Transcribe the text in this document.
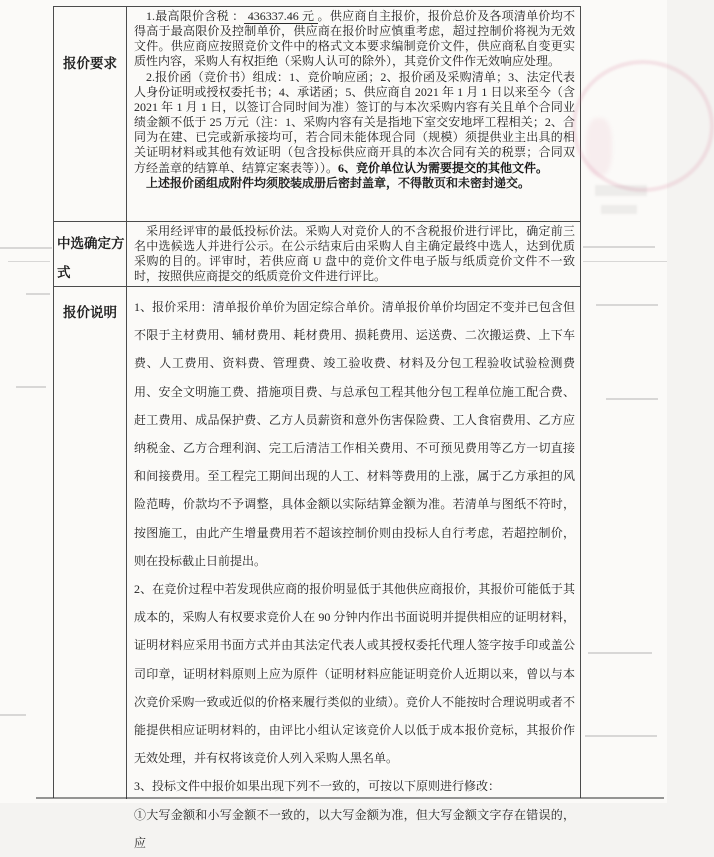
报价要求

1.最高限价含税 ： 436337.46 元 。供应商自主报价，报价总价及各项清单价均不得高于最高限价及控制单价，供应商在报价时应慎重考虑，超过控制价将视为无效文件。供应商应按照竞价文件中的格式文本要求编制竞价文件，供应商私自变更实质性内容，采购人有权拒绝（采购人认可的除外），其竞价文件作无效响应处理。

2.报价函（竞价书）组成：1、竞价响应函；2、报价函及采购清单；3、法定代表人身份证明或授权委托书；4、承诺函；5、供应商自 2021 年 1 月 1 日以来至今（含 2021 年 1 月 1 日，以签订合同时间为准）签订的与本次采购内容有关且单个合同业绩金额不低于 25 万元（注：1、采购内容有关是指地下室交安地坪工程相关；2、合同为在建、已完或新承接均可，若合同未能体现合同（规模）须提供业主出具的相关证明材料或其他有效证明（包含投标供应商开具的本次合同有关的税票；合同双方经盖章的结算单、结算定案表等））。6、竞价单位认为需要提交的其他文件。

上述报价函组成附件均须胶装成册后密封盖章，不得散页和未密封递交。

中选确定方式

采用经评审的最低投标价法。采购人对竞价人的不含税报价进行评比，确定前三名中选候选人并进行公示。在公示结束后由采购人自主确定最终中选人，达到优质采购的目的。评审时，若供应商 U 盘中的竞价文件电子版与纸质竞价文件不一致时，按照供应商提交的纸质竞价文件进行评比。

报价说明	1、报价采用：清单报价单价为固定综合单价。清单报价单价均固定不变并已包含但不限于主材费用、辅材费用、耗材费用、损耗费用、运送费、二次搬运费、上下车费、人工费用、资料费、管理费、竣工验收费、材料及分包工程验收试验检测费用、安全文明施工费、措施项目费、与总承包工程其他分包工程单位施工配合费、赶工费用、成品保护费、乙方人员薪资和意外伤害保险费、工人食宿费用、乙方应纳税金、乙方合理利润、完工后清洁工作相关费用、不可预见费用等乙方一切直接和间接费用。至工程完工期间出现的人工、材料等费用的上涨，属于乙方承担的风险范畴，价款均不予调整，具体金额以实际结算金额为准。若清单与图纸不符时，按图施工，由此产生增量费用若不超该控制价则由投标人自行考虑，若超控制价，则在投标截止日前提出。

2、在竞价过程中若发现供应商的报价明显低于其他供应商报价，其报价可能低于其成本的，采购人有权要求竞价人在 90 分钟内作出书面说明并提供相应的证明材料，证明材料应采用书面方式并由其法定代表人或其授权委托代理人签字按手印或盖公司印章，证明材料原则上应为原件（证明材料应能证明竞价人近期以来，曾以与本次竞价采购一致或近似的价格来履行类似的业绩）。竞价人不能按时合理说明或者不能提供相应证明材料的，由评比小组认定该竞价人以低于成本报价竞标，其报价作无效处理，并有权将该竞价人列入采购人黑名单。

3、投标文件中报价如果出现下列不一致的，可按以下原则进行修改：

①大写金额和小写金额不一致的，以大写金额为准，但大写金额文字存在错误的，应
